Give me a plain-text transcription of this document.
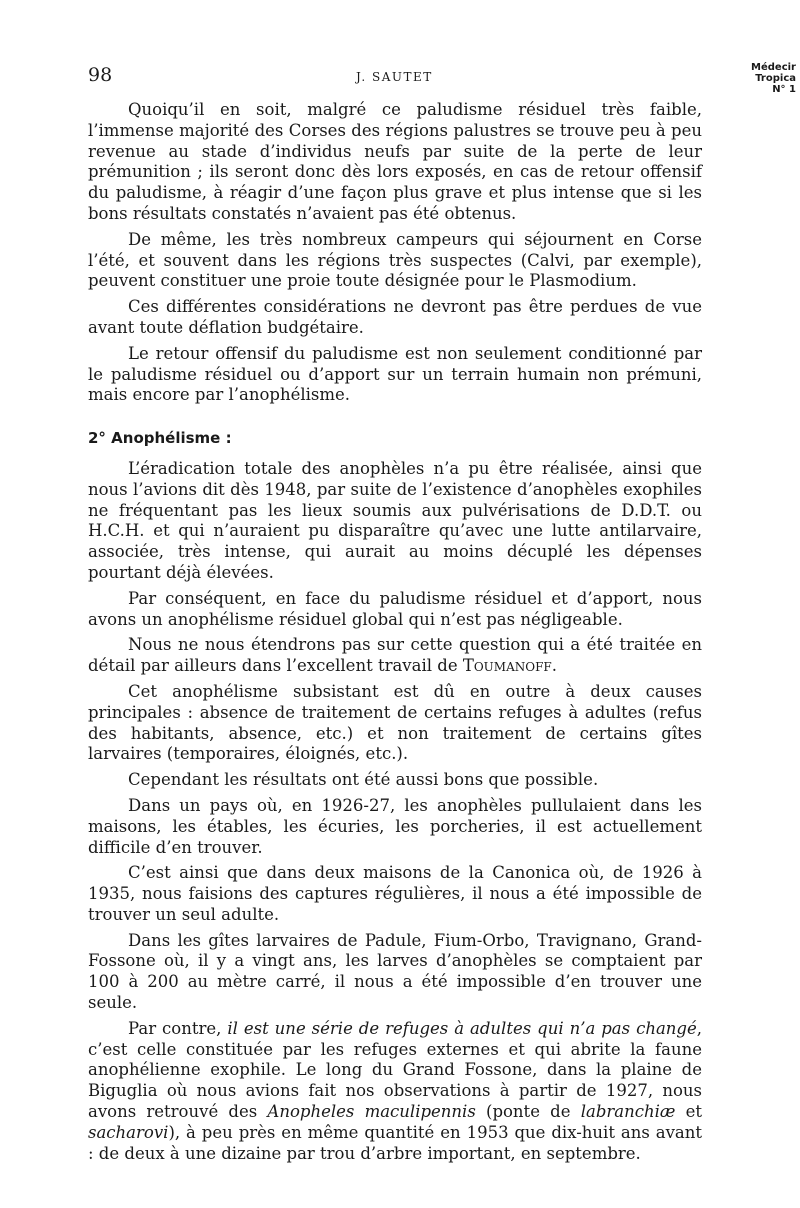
98	J. SAUTET
Médecir
Tropica
N° 1

Quoiqu’il en soit, malgré ce paludisme résiduel très faible, l’immense majorité des Corses des régions palustres se trouve peu à peu revenue au stade d’individus neufs par suite de la perte de leur prémunition ; ils seront donc dès lors exposés, en cas de retour offensif du paludisme, à réagir d’une façon plus grave et plus intense que si les bons résultats constatés n’avaient pas été obtenus.

De même, les très nombreux campeurs qui séjournent en Corse l’été, et souvent dans les régions très suspectes (Calvi, par exemple), peuvent constituer une proie toute désignée pour le Plasmodium.

Ces différentes considérations ne devront pas être perdues de vue avant toute déflation budgétaire.

Le retour offensif du paludisme est non seulement conditionné par le paludisme résiduel ou d’apport sur un terrain humain non prémuni, mais encore par l’anophélisme.

2° Anophélisme :

L’éradication totale des anophèles n’a pu être réalisée, ainsi que nous l’avions dit dès 1948, par suite de l’existence d’anophèles exophiles ne fréquentant pas les lieux soumis aux pulvérisations de D.D.T. ou H.C.H. et qui n’auraient pu disparaître qu’avec une lutte antilarvaire, associée, très intense, qui aurait au moins décuplé les dépenses pourtant déjà élevées.

Par conséquent, en face du paludisme résiduel et d’apport, nous avons un anophélisme résiduel global qui n’est pas négligeable.

Nous ne nous étendrons pas sur cette question qui a été traitée en détail par ailleurs dans l’excellent travail de Toumanoff.

Cet anophélisme subsistant est dû en outre à deux causes principales : absence de traitement de certains refuges à adultes (refus des habitants, absence, etc.) et non traitement de certains gîtes larvaires (temporaires, éloignés, etc.).

Cependant les résultats ont été aussi bons que possible.

Dans un pays où, en 1926-27, les anophèles pullulaient dans les maisons, les étables, les écuries, les porcheries, il est actuellement difficile d’en trouver.

C’est ainsi que dans deux maisons de la Canonica où, de 1926 à 1935, nous faisions des captures régulières, il nous a été impossible de trouver un seul adulte.

Dans les gîtes larvaires de Padule, Fium-Orbo, Travignano, Grand-Fossone où, il y a vingt ans, les larves d’anophèles se comptaient par 100 à 200 au mètre carré, il nous a été impossible d’en trouver une seule.

Par contre, il est une série de refuges à adultes qui n’a pas changé, c’est celle constituée par les refuges externes et qui abrite la faune anophélienne exophile. Le long du Grand Fossone, dans la plaine de Biguglia où nous avions fait nos observations à partir de 1927, nous avons retrouvé des Anopheles maculipennis (ponte de labranchiæ et sacharovi), à peu près en même quantité en 1953 que dix-huit ans avant : de deux à une dizaine par trou d’arbre important, en septembre.
